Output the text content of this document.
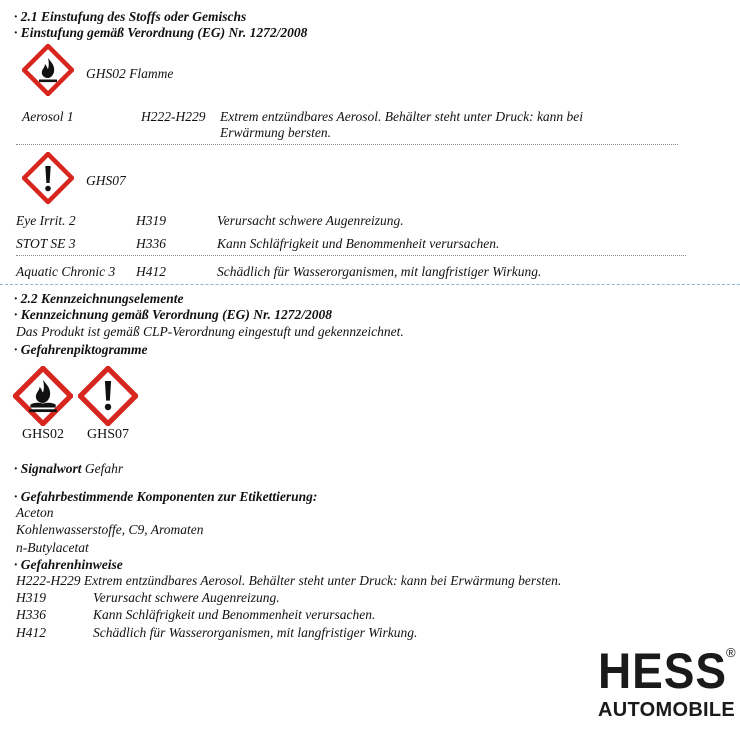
· 2.1 Einstufung des Stoffs oder Gemischs
· Einstufung gemäß Verordnung (EG) Nr. 1272/2008
GHS02 Flamme
Aerosol 1	H222-H229 Extrem entzündbares Aerosol. Behälter steht unter Druck: kann bei
Erwärmung bersten.
GHS07
Eye Irrit. 2	H319	Verursacht schwere Augenreizung.
STOT SE 3	H336	Kann Schläfrigkeit und Benommenheit verursachen.
Aquatic Chronic 3 H412	Schädlich für Wasserorganismen, mit langfristiger Wirkung.
· 2.2 Kennzeichnungselemente
· Kennzeichnung gemäß Verordnung (EG) Nr. 1272/2008
Das Produkt ist gemäß CLP-Verordnung eingestuft und gekennzeichnet.
· Gefahrenpiktogramme
GHS02 GHS07
· Signalwort Gefahr
· Gefahrbestimmende Komponenten zur Etikettierung:
Aceton
Kohlenwasserstoffe, C9, Aromaten
n-Butylacetat
· Gefahrenhinweise
H222-H229 Extrem entzündbares Aerosol. Behälter steht unter Druck: kann bei Erwärmung bersten.
H319	Verursacht schwere Augenreizung.
H336	Kann Schläfrigkeit und Benommenheit verursachen.
H412	Schädlich für Wasserorganismen, mit langfristiger Wirkung.
HESS ®
AUTOMOBILE
